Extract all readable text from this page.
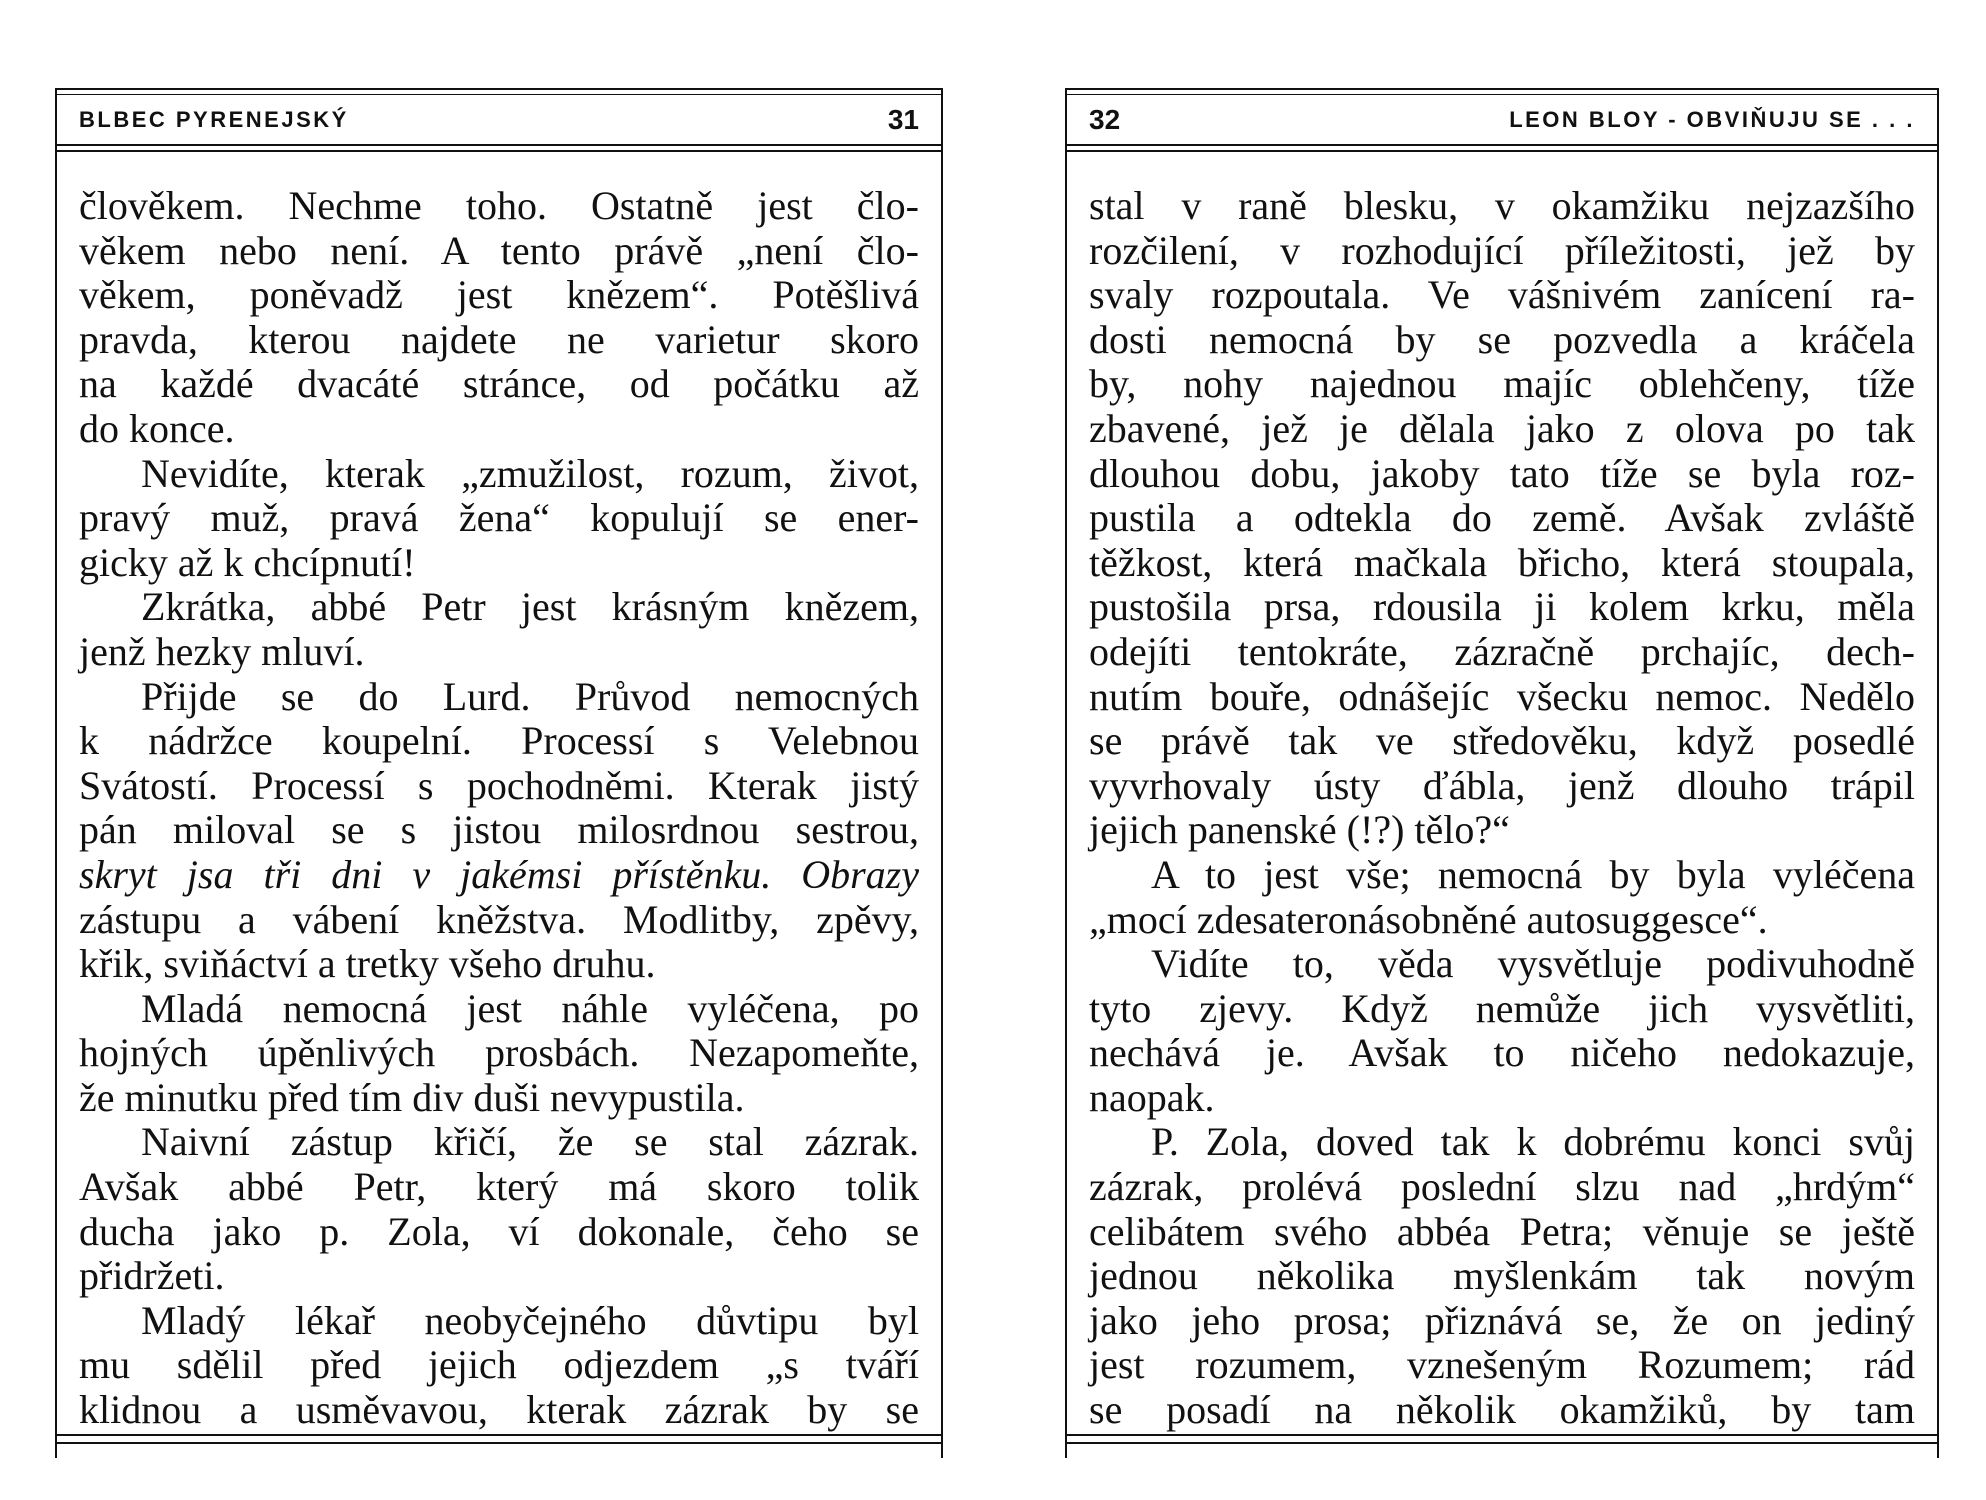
BLBEC PYRENEJSKÝ	31
člověkem. Nechme toho. Ostatně jest člo-
věkem nebo není. A tento právě „není člo-
věkem, poněvadž jest knězem“. Potěšlivá
pravda, kterou najdete ne varietur skoro
na každé dvacáté stránce, od počátku až
do konce.
Nevidíte, kterak „zmužilost, rozum, život,
pravý muž, pravá žena“ kopulují se ener-
gicky až k chcípnutí!
Zkrátka, abbé Petr jest krásným knězem,
jenž hezky mluví.
Přijde se do Lurd. Průvod nemocných
k nádržce koupelní. Processí s Velebnou
Svátostí. Processí s pochodněmi. Kterak jistý
pán miloval se s jistou milosrdnou sestrou,
skryt jsa tři dni v jakémsi přístěnku. Obrazy
zástupu a vábení kněžstva. Modlitby, zpěvy,
křik, sviňáctví a tretky všeho druhu.
Mladá nemocná jest náhle vyléčena, po
hojných úpěnlivých prosbách. Nezapomeňte,
že minutku před tím div duši nevypustila.
Naivní zástup křičí, že se stal zázrak.
Avšak abbé Petr, který má skoro tolik
ducha jako p. Zola, ví dokonale, čeho se
přidržeti.
Mladý lékař neobyčejného důvtipu byl
mu sdělil před jejich odjezdem „s tváří
klidnou a usměvavou, kterak zázrak by se
32	LEON BLOY - OBVIŇUJU SE . . .
stal v raně blesku, v okamžiku nejzazšího
rozčilení, v rozhodující příležitosti, jež by
svaly rozpoutala. Ve vášnivém zanícení ra-
dosti nemocná by se pozvedla a kráčela
by, nohy najednou majíc oblehčeny, tíže
zbavené, jež je dělala jako z olova po tak
dlouhou dobu, jakoby tato tíže se byla roz-
pustila a odtekla do země. Avšak zvláště
těžkost, která mačkala břicho, která stoupala,
pustošila prsa, rdousila ji kolem krku, měla
odejíti tentokráte, zázračně prchajíc, dech-
nutím bouře, odnášejíc všecku nemoc. Nedělo
se právě tak ve středověku, když posedlé
vyvrhovaly ústy ďábla, jenž dlouho trápil
jejich panenské (!?) tělo?“
A to jest vše; nemocná by byla vyléčena
„mocí zdesateronásobněné autosuggesce“.
Vidíte to, věda vysvětluje podivuhodně
tyto zjevy. Když nemůže jich vysvětliti,
nechává je. Avšak to ničeho nedokazuje,
naopak.
P. Zola, doved tak k dobrému konci svůj
zázrak, prolévá poslední slzu nad „hrdým“
celibátem svého abbéa Petra; věnuje se ještě
jednou několika myšlenkám tak novým
jako jeho prosa; přiznává se, že on jediný
jest rozumem, vznešeným Rozumem; rád
se posadí na několik okamžiků, by tam
